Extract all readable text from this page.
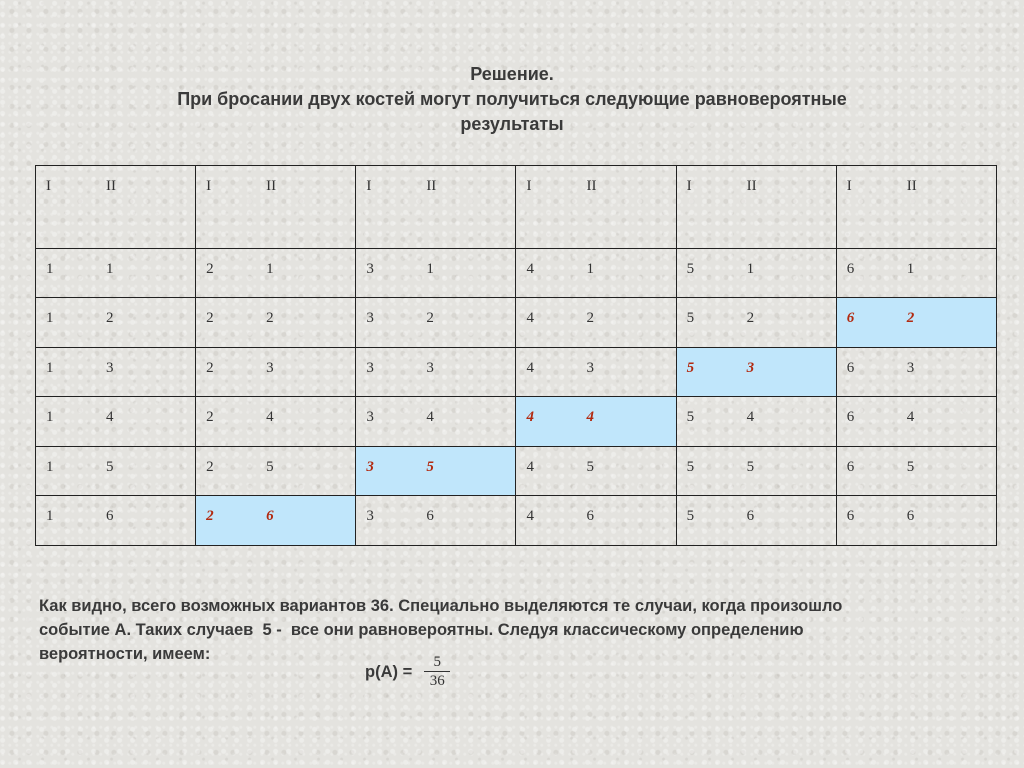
Решение.
При бросании двух костей могут получиться следующие равновероятные
результаты
I II	I II	I II	I II	I II	I II

1 1	2 1	3 1	4 1	5 1	6 1

1 2	2 2	3 2	4 2	5 2	6 2

1 3	2 3	3 3	4 3	5 3	6 3

1 4	2 4	3 4	4 4	5 4	6 4

1 5	2 5	3 5	4 5	5 5	6 5

1 6	2 6	3 6	4 6	5 6	6 6
Как видно, всего возможных вариантов 36. Специально выделяются те случаи, когда произошло
событие А. Таких случаев  5 -  все они равновероятны. Следуя классическому определению
вероятности, имеем:
$p(A) = \frac{5}{36}$
